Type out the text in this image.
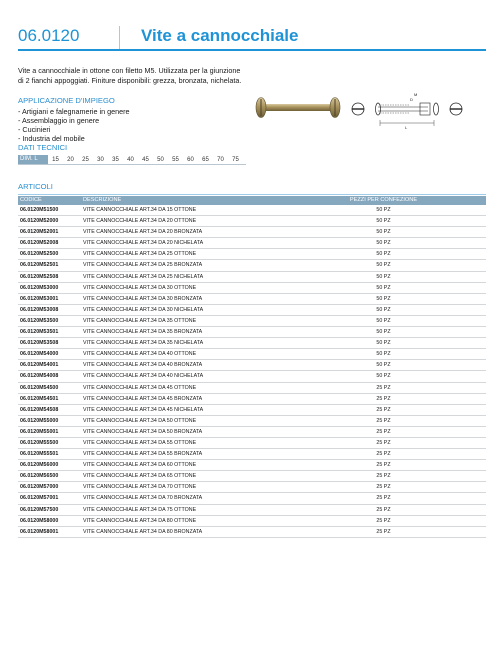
06.0120	Vite a cannocchiale
Vite a cannocchiale in ottone con filetto M5. Utilizzata per la giunzione di 2 fianchi appoggiati. Finiture disponibili: grezza, bronzata, nichelata.
APPLICAZIONE D'IMPIEGO
- Artigiani e falegnamerie in genere
- Assemblaggio in genere
- Cucinieri
- Industria del mobile
DATI TECNICI
DIM. L	15	20	25	30	35	40	45	50	55	60	65	70	75
L
D
M
ARTICOLI
CODICE	DESCRIZIONE	PEZZI PER CONFEZIONE
06.0120M51500	VITE CANNOCCHIALE ART.34 DA 15 OTTONE	50 PZ
06.0120M52000	VITE CANNOCCHIALE ART.34 DA 20 OTTONE	50 PZ
06.0120M52001	VITE CANNOCCHIALE ART.34 DA 20 BRONZATA	50 PZ
06.0120M52008	VITE CANNOCCHIALE ART.34 DA 20 NICHELATA	50 PZ
06.0120M52500	VITE CANNOCCHIALE ART.34 DA 25 OTTONE	50 PZ
06.0120M52501	VITE CANNOCCHIALE ART.34 DA 25 BRONZATA	50 PZ
06.0120M52508	VITE CANNOCCHIALE ART.34 DA 25 NICHELATA	50 PZ
06.0120M53000	VITE CANNOCCHIALE ART.34 DA 30 OTTONE	50 PZ
06.0120M53001	VITE CANNOCCHIALE ART.34 DA 30 BRONZATA	50 PZ
06.0120M53008	VITE CANNOCCHIALE ART.34 DA 30 NICHELATA	50 PZ
06.0120M53500	VITE CANNOCCHIALE ART.34 DA 35 OTTONE	50 PZ
06.0120M53501	VITE CANNOCCHIALE ART.34 DA 35 BRONZATA	50 PZ
06.0120M53508	VITE CANNOCCHIALE ART.34 DA 35 NICHELATA	50 PZ
06.0120M54000	VITE CANNOCCHIALE ART.34 DA 40 OTTONE	50 PZ
06.0120M54001	VITE CANNOCCHIALE ART.34 DA 40 BRONZATA	50 PZ
06.0120M54008	VITE CANNOCCHIALE ART.34 DA 40 NICHELATA	50 PZ
06.0120M54500	VITE CANNOCCHIALE ART.34 DA 45 OTTONE	25 PZ
06.0120M54501	VITE CANNOCCHIALE ART.34 DA 45 BRONZATA	25 PZ
06.0120M54508	VITE CANNOCCHIALE ART.34 DA 45 NICHELATA	25 PZ
06.0120M55000	VITE CANNOCCHIALE ART.34 DA 50 OTTONE	25 PZ
06.0120M55001	VITE CANNOCCHIALE ART.34 DA 50 BRONZATA	25 PZ
06.0120M55500	VITE CANNOCCHIALE ART.34 DA 55 OTTONE	25 PZ
06.0120M55501	VITE CANNOCCHIALE ART.34 DA 55 BRONZATA	25 PZ
06.0120M56000	VITE CANNOCCHIALE ART.34 DA 60 OTTONE	25 PZ
06.0120M56500	VITE CANNOCCHIALE ART.34 DA 65 OTTONE	25 PZ
06.0120M57000	VITE CANNOCCHIALE ART.34 DA 70 OTTONE	25 PZ
06.0120M57001	VITE CANNOCCHIALE ART.34 DA 70 BRONZATA	25 PZ
06.0120M57500	VITE CANNOCCHIALE ART.34 DA 75 OTTONE	25 PZ
06.0120M58000	VITE CANNOCCHIALE ART.34 DA 80 OTTONE	25 PZ
06.0120M58001	VITE CANNOCCHIALE ART.34 DA 80 BRONZATA	25 PZ
